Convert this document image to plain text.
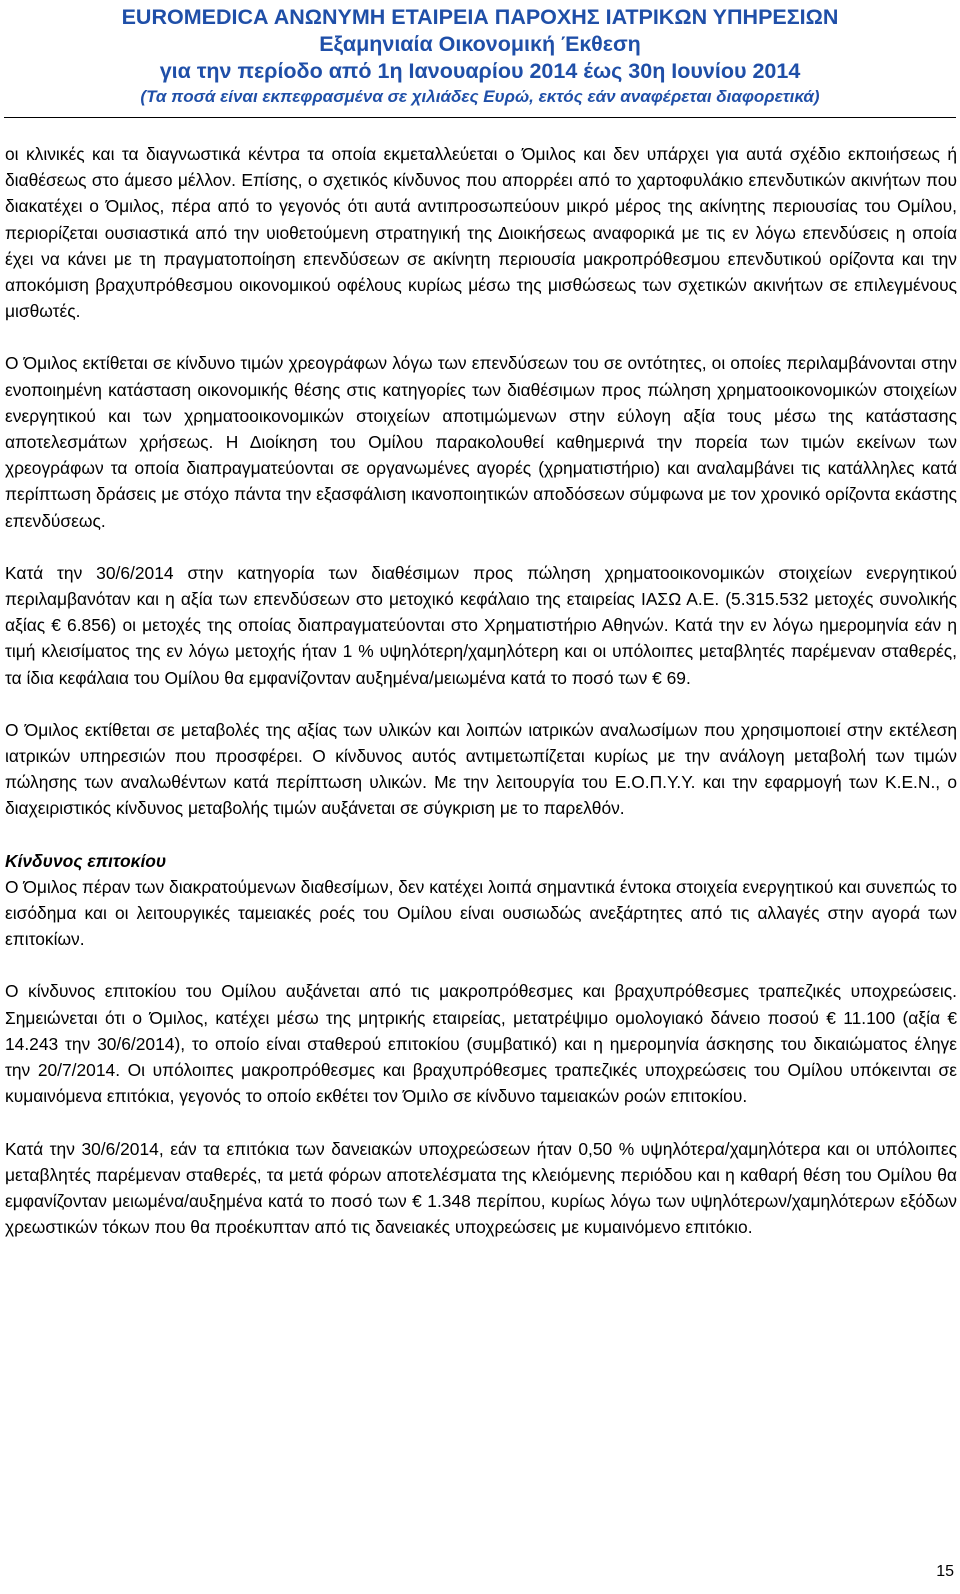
EUROMEDICA ΑΝΩΝΥΜΗ ΕΤΑΙΡΕΙΑ ΠΑΡΟΧΗΣ ΙΑΤΡΙΚΩΝ ΥΠΗΡΕΣΙΩΝ
Εξαμηνιαία Οικονομική Έκθεση
για την περίοδο από 1η Ιανουαρίου 2014 έως 30η Ιουνίου 2014
(Τα ποσά είναι εκπεφρασμένα σε χιλιάδες Ευρώ, εκτός εάν αναφέρεται διαφορετικά)

οι κλινικές και τα διαγνωστικά κέντρα τα οποία εκμεταλλεύεται ο Όμιλος και δεν υπάρχει για αυτά σχέδιο εκποιήσεως ή διαθέσεως στο άμεσο μέλλον. Επίσης, ο σχετικός κίνδυνος που απορρέει από το χαρτοφυλάκιο επενδυτικών ακινήτων που διακατέχει ο Όμιλος, πέρα από το γεγονός ότι αυτά αντιπροσωπεύουν μικρό μέρος της ακίνητης περιουσίας του Ομίλου, περιορίζεται ουσιαστικά από την υιοθετούμενη στρατηγική της Διοικήσεως αναφορικά με τις εν λόγω επενδύσεις η οποία έχει να κάνει με τη πραγματοποίηση επενδύσεων σε ακίνητη περιουσία μακροπρόθεσμου επενδυτικού ορίζοντα και την αποκόμιση βραχυπρόθεσμου οικονομικού οφέλους κυρίως μέσω της μισθώσεως των σχετικών ακινήτων σε επιλεγμένους μισθωτές.

Ο Όμιλος εκτίθεται σε κίνδυνο τιμών χρεογράφων λόγω των επενδύσεων του σε οντότητες, οι οποίες περιλαμβάνονται στην ενοποιημένη κατάσταση οικονομικής θέσης στις κατηγορίες των διαθέσιμων προς πώληση χρηματοοικονομικών στοιχείων ενεργητικού και των χρηματοοικονομικών στοιχείων αποτιμώμενων στην εύλογη αξία τους μέσω της κατάστασης αποτελεσμάτων χρήσεως. Η Διοίκηση του Ομίλου παρακολουθεί καθημερινά την πορεία των τιμών εκείνων των χρεογράφων τα οποία διαπραγματεύονται σε οργανωμένες αγορές (χρηματιστήριο) και αναλαμβάνει τις κατάλληλες κατά περίπτωση δράσεις με στόχο πάντα την εξασφάλιση ικανοποιητικών αποδόσεων σύμφωνα με τον χρονικό ορίζοντα εκάστης επενδύσεως.

Κατά την 30/6/2014 στην κατηγορία των διαθέσιμων προς πώληση χρηματοοικονομικών στοιχείων ενεργητικού περιλαμβανόταν και η αξία των επενδύσεων στο μετοχικό κεφάλαιο της εταιρείας ΙΑΣΩ Α.Ε. (5.315.532 μετοχές συνολικής αξίας € 6.856) οι μετοχές της οποίας διαπραγματεύονται στο Χρηματιστήριο Αθηνών. Κατά την εν λόγω ημερομηνία εάν η τιμή κλεισίματος της εν λόγω μετοχής ήταν 1 % υψηλότερη/χαμηλότερη και οι υπόλοιπες μεταβλητές παρέμεναν σταθερές, τα ίδια κεφάλαια του Ομίλου θα εμφανίζονταν αυξημένα/μειωμένα κατά το ποσό των € 69.

Ο Όμιλος εκτίθεται σε μεταβολές της αξίας των υλικών και λοιπών ιατρικών αναλωσίμων που χρησιμοποιεί στην εκτέλεση ιατρικών υπηρεσιών που προσφέρει. Ο κίνδυνος αυτός αντιμετωπίζεται κυρίως με την ανάλογη μεταβολή των τιμών πώλησης των αναλωθέντων κατά περίπτωση υλικών. Με την λειτουργία του Ε.Ο.Π.Υ.Υ. και την εφαρμογή των Κ.Ε.Ν., ο διαχειριστικός κίνδυνος μεταβολής τιμών αυξάνεται σε σύγκριση με το παρελθόν.

Κίνδυνος επιτοκίου

Ο Όμιλος πέραν των διακρατούμενων διαθεσίμων, δεν κατέχει λοιπά σημαντικά έντοκα στοιχεία ενεργητικού και συνεπώς το εισόδημα και οι λειτουργικές ταμειακές ροές του Ομίλου είναι ουσιωδώς ανεξάρτητες από τις αλλαγές στην αγορά των επιτοκίων.

Ο κίνδυνος επιτοκίου του Ομίλου αυξάνεται από τις μακροπρόθεσμες και βραχυπρόθεσμες τραπεζικές υποχρεώσεις. Σημειώνεται ότι ο Όμιλος, κατέχει μέσω της μητρικής εταιρείας, μετατρέψιμο ομολογιακό δάνειο ποσού € 11.100 (αξία € 14.243 την 30/6/2014), το οποίο είναι σταθερού επιτοκίου (συμβατικό) και η ημερομηνία άσκησης του δικαιώματος έληγε την 20/7/2014. Οι υπόλοιπες μακροπρόθεσμες και βραχυπρόθεσμες τραπεζικές υποχρεώσεις του Ομίλου υπόκεινται σε κυμαινόμενα επιτόκια, γεγονός το οποίο εκθέτει τον Όμιλο σε κίνδυνο ταμειακών ροών επιτοκίου.

Κατά την 30/6/2014, εάν τα επιτόκια των δανειακών υποχρεώσεων ήταν 0,50 % υψηλότερα/χαμηλότερα και οι υπόλοιπες μεταβλητές παρέμεναν σταθερές, τα μετά φόρων αποτελέσματα της κλειόμενης περιόδου και η καθαρή θέση του Ομίλου θα εμφανίζονταν μειωμένα/αυξημένα κατά το ποσό των € 1.348 περίπου, κυρίως λόγω των υψηλότερων/χαμηλότερων εξόδων χρεωστικών τόκων που θα προέκυπταν από τις δανειακές υποχρεώσεις με κυμαινόμενο επιτόκιο.

15
